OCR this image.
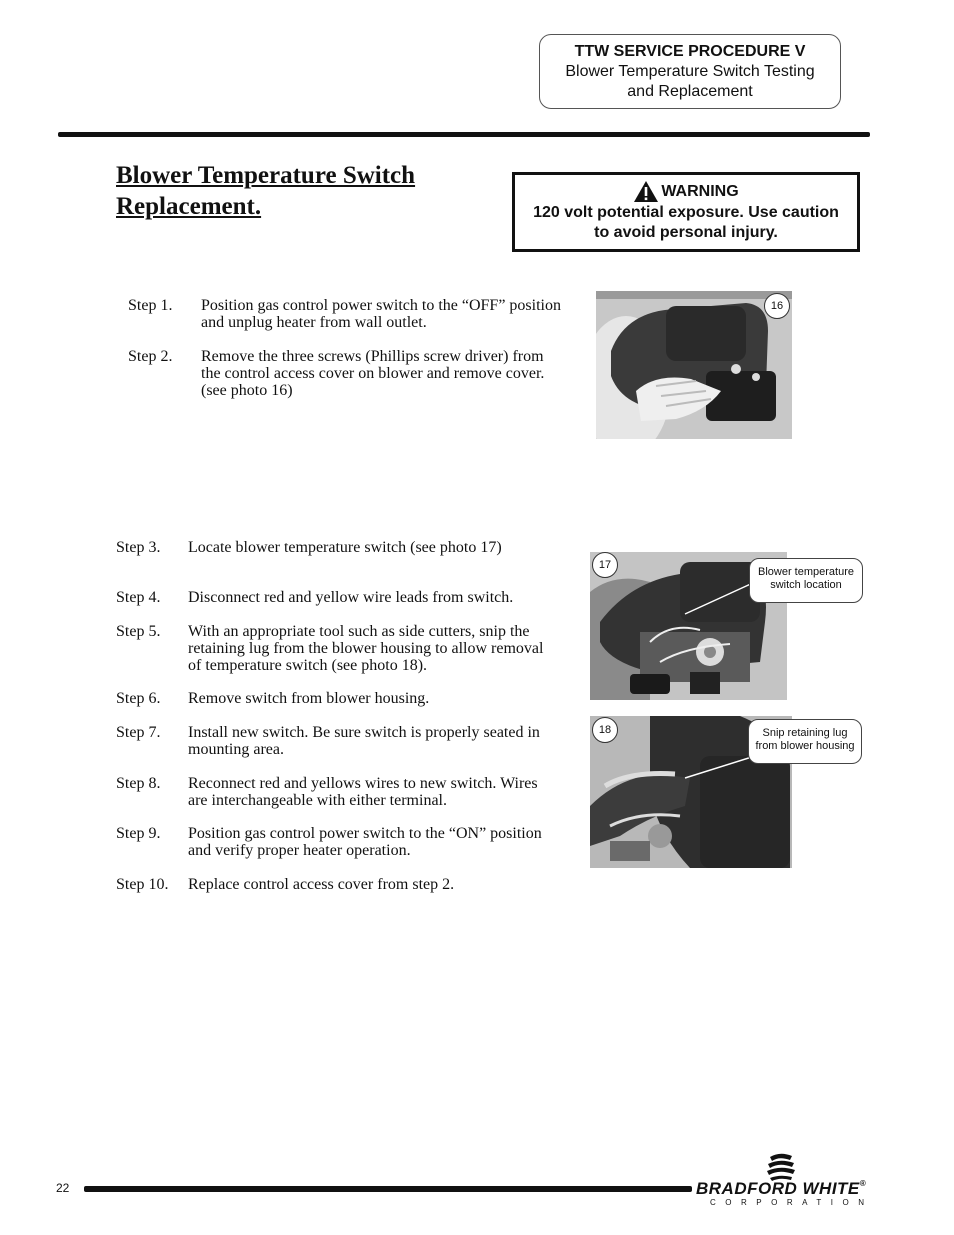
TTW SERVICE PROCEDURE V
Blower Temperature Switch Testing
and Replacement
Blower Temperature Switch
Replacement.
WARNING
120 volt potential exposure. Use caution
to avoid personal injury.
Step 1. Position gas control power switch to the “OFF” position and unplug heater from wall outlet.
Step 2. Remove the three screws (Phillips screw driver) from the control access cover on blower and remove cover.
(see photo 16)
Step 3. Locate blower temperature switch (see photo 17)
Step 4. Disconnect red and yellow wire leads from switch.
Step 5. With an appropriate tool such as side cutters, snip the retaining lug from the blower housing to allow removal of temperature switch (see photo 18).
Step 6. Remove switch from blower housing.
Step 7. Install new switch. Be sure switch is properly seated in mounting area.
Step 8. Reconnect red and yellows wires to new switch. Wires are interchangeable with either terminal.
Step 9. Position gas control power switch to the “ON” position and verify proper heater operation.
Step 10. Replace control access cover from step 2.
16
17
Blower temperature
switch location
18	Snip retaining lug
from blower housing
22	BRADFORD WHITE®
CORPORATION
